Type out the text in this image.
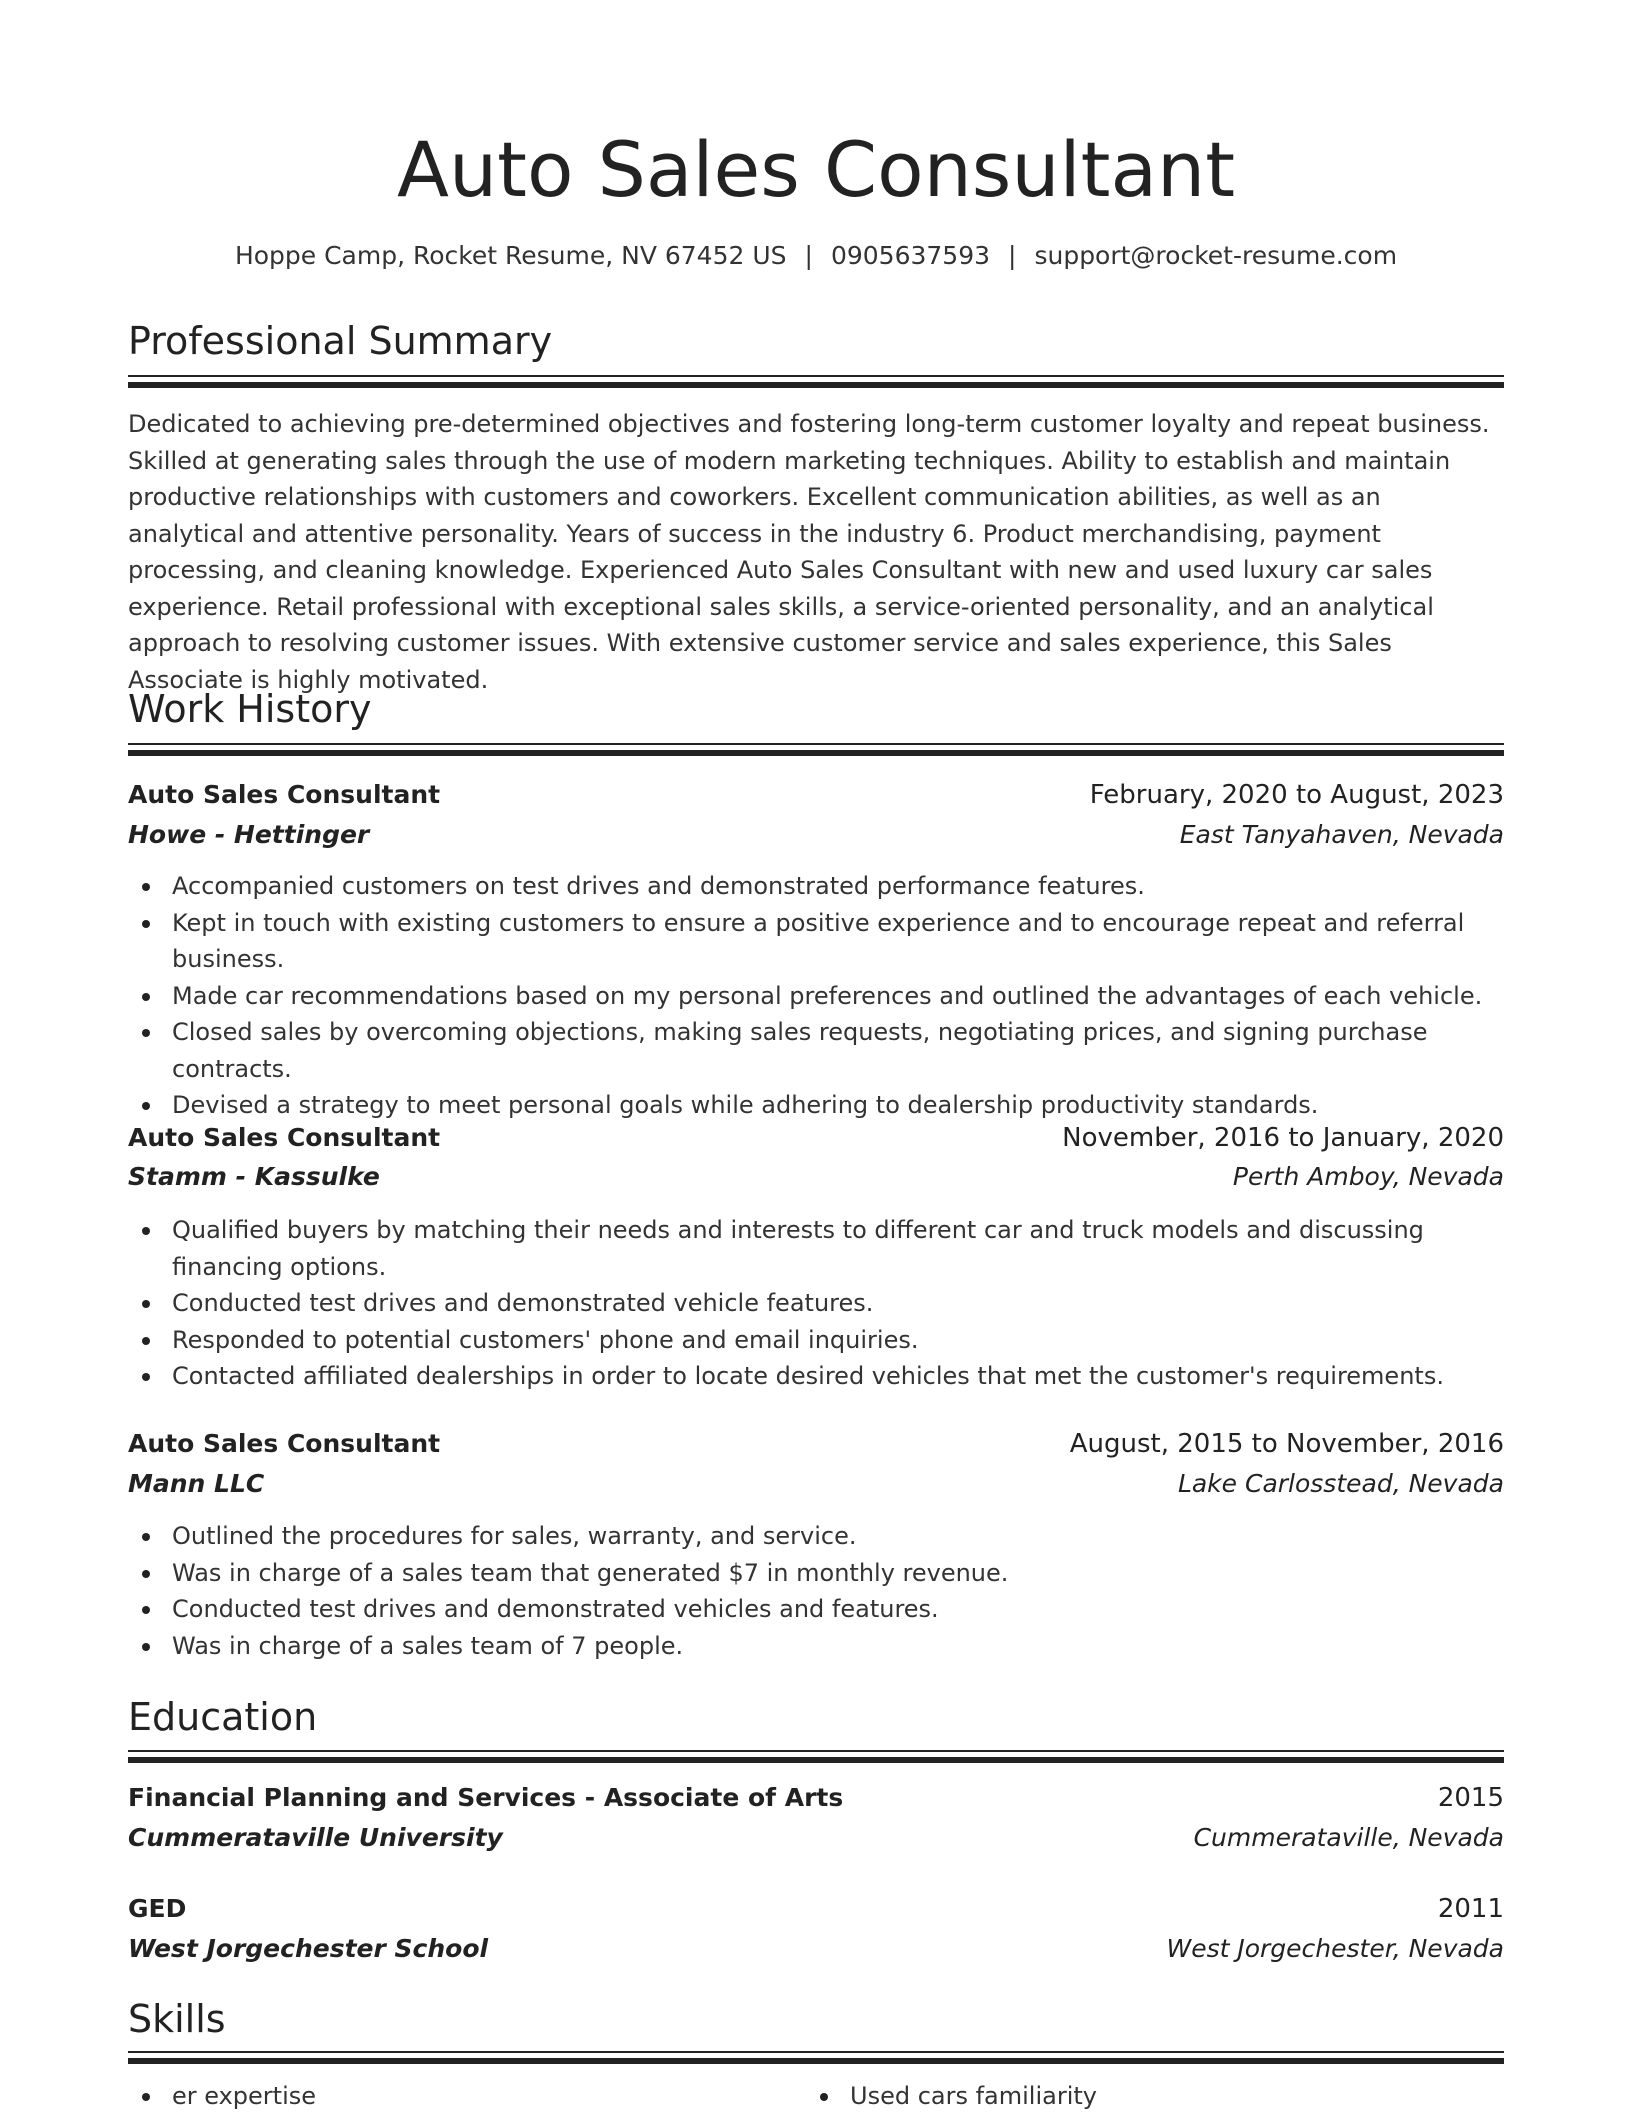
Auto Sales Consultant
Hoppe Camp, Rocket Resume, NV 67452 US | 0905637593 | support@rocket-resume.com
Professional Summary

Dedicated to achieving pre-determined objectives and fostering long-term customer loyalty and repeat business. Skilled at generating sales through the use of modern marketing techniques. Ability to establish and maintain productive relationships with customers and coworkers. Excellent communication abilities, as well as an analytical and attentive personality. Years of success in the industry 6. Product merchandising, payment processing, and cleaning knowledge. Experienced Auto Sales Consultant with new and used luxury car sales experience. Retail professional with exceptional sales skills, a service-oriented personality, and an analytical approach to resolving customer issues. With extensive customer service and sales experience, this Sales Associate is highly motivated.

Work History
Auto Sales Consultant	February, 2020 to August, 2023
Howe - Hettinger	East Tanyahaven, Nevada
Accompanied customers on test drives and demonstrated performance features.
Kept in touch with existing customers to ensure a positive experience and to encourage repeat and referral business.
Made car recommendations based on my personal preferences and outlined the advantages of each vehicle.
Closed sales by overcoming objections, making sales requests, negotiating prices, and signing purchase contracts.
Devised a strategy to meet personal goals while adhering to dealership productivity standards.
Auto Sales Consultant	November, 2016 to January, 2020
Stamm - Kassulke	Perth Amboy, Nevada
Qualified buyers by matching their needs and interests to different car and truck models and discussing financing options.
Conducted test drives and demonstrated vehicle features.
Responded to potential customers' phone and email inquiries.
Contacted affiliated dealerships in order to locate desired vehicles that met the customer's requirements.
Auto Sales Consultant	August, 2015 to November, 2016
Mann LLC	Lake Carlosstead, Nevada
Outlined the procedures for sales, warranty, and service.
Was in charge of a sales team that generated $7 in monthly revenue.
Conducted test drives and demonstrated vehicles and features.
Was in charge of a sales team of 7 people.
Education
Financial Planning and Services - Associate of Arts	2015
Cummerataville University	Cummerataville, Nevada
GED	2011
West Jorgechester School	West Jorgechester, Nevada
Skills
er expertise	Used cars familiarity
